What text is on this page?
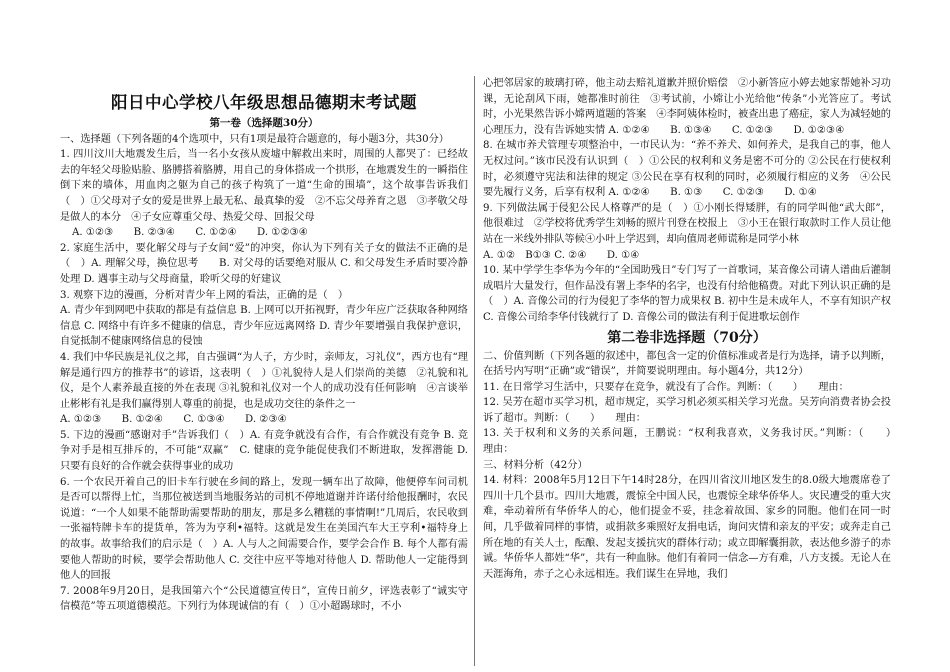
阳日中心学校八年级思想品德期末考试题
第一卷（选择题30分）

一、选择题（下列各题的4个选项中，只有1项是最符合题意的，每小题3分，共30分）

1. 四川汶川大地震发生后，当一名小女孩从废墟中解救出来时，周围的人都哭了：已经故去的年轻父母脸贴脸、胳膊搭着胳膊，用自己的身体搭成一个拱形，在地震发生的一瞬指住倒下来的墙体，用血肉之躯为自己的孩子构筑了一道“生命的围墙”，这个故事告诉我们（　）①父母对子女的爱是世界上最无私、最真挚的爱　②不忘父母养育之恩　③孝敬父母是做人的本分　④子女应尊重父母、热爱父母、回报父母

A. ①②③　　B. ②③④　　C. ①②④　　D. ①②③④

2. 家庭生活中，要化解父母与子女间“爱”的冲突，你认为下列有关子女的做法不正确的是（　）A. 理解父母，换位思考　　B. 对父母的话要绝对服从 C. 和父母发生矛盾时要冷静处理 D. 遇事主动与父母商量，聆听父母的好建议

3. 观察下边的漫画，分析对青少年上网的看法，正确的是（　）

A. 青少年到网吧中获取的都是有益信息 B. 上网可以开拓视野，青少年应广泛获取各种网络信息 C. 网络中有许多不健康的信息，青少年应远离网络 D. 青少年要增强自我保护意识，自觉抵制不健康网络信息的侵蚀

4. 我们中华民族是礼仪之邦，自古强调“为人子，方少时，亲师友，习礼仪”，西方也有“理解是通行四方的推荐书”的谚语，这表明（　）①礼貌待人是人们崇尚的美德　②礼貌和礼仪，是个人素养最直接的外在表现 ③礼貌和礼仪对一个人的成功没有任何影响　④言谈举止彬彬有礼是我们赢得别人尊重的前提，也是成功交往的条件之一

A. ①②③　　B. ①②④　　C. ①③④　　D. ②③④

5. 下边的漫画“感谢对手”告诉我们（　）A. 有竞争就没有合作，有合作就没有竞争 B. 竞争对手是相互排斥的，不可能“双赢”　C. 健康的竞争能促使我们不断进取，发挥潜能 D. 只要有良好的合作就会获得事业的成功

6. 一个农民开着自己的旧卡车行驶在乡间的路上，发现一辆车出了故障，他便停车问司机是否可以帮得上忙，当那位被送到当地服务站的司机不停地道谢并许诺付给他报酬时，农民说道：“一个人如果不能帮助需要帮助的朋友，那是多么糟糕的事情啊!”几周后，农民收到一张福特牌卡车的提货单，答为为亨利•福特。这就是发生在美国汽车大王亨利•福特身上的故事。故事给我们的启示是（　）A. 人与人之间需要合作，要学会合作 B. 每个人都有需要他人帮助的时候，要学会帮助他人 C. 交往中应平等地对待他人 D. 帮助他人一定能得到他人的回报

7. 2008年9月20日，是我国第六个“公民道德宣传日”，宣传日前夕，评选表彰了“诚实守信模范”等五项道德模范。下列行为体现诚信的有（　）①小超踢球时，不小

心把邻居家的玻璃打碎，他主动去赔礼道歉并照价赔偿　②小新答应小婷去她家帮她补习功课，无论刮风下雨，她都准时前往　③考试前，小嫦让小光给他“传条”小光答应了。考试时，小光果然告诉小嫦两道题的答案　④李阿姨体检时，被查出患了癌症，家人为减轻她的心理压力，没有告诉她实情 A. ①②④　　B. ①③④　　C. ①②③　　D. ①②③④

8. 在城市养犬管理专项整治中，一市民认为：“养不养犬、如何养犬，是我自己的事，他人无权过问。”该市民没有认识到（　）①公民的权利和义务是密不可分的 ②公民在行使权利时，必须遵守宪法和法律的规定 ③公民在享有权利的同时，必须履行相应的义务　④公民要先履行义务，后享有权利 A. ①②④　　B. ①③　　C. ①②③　　D. ①④

9. 下列做法属于侵犯公民人格尊严的是（　）①小刚长得矮胖，有的同学叫他“武大郎”，他很难过　②学校将优秀学生刘畅的照片刊登在校报上　③小王在银行取款时工作人员让他站在一米线外排队等候④小叶上学迟到，却向值周老师谎称是同学小林

A. ①②　B①③ C. ②④　　D. ①④

10. 某中学学生李华为今年的“全国助残日”专门写了一首歌词，某音像公司请人谱曲后灌制成唱片大量发行，但作品没有署上李华的名字，也没有付给他稿费。对此下列认识正确的是（　）A. 音像公司的行为侵犯了李华的智力成果权 B. 初中生是未成年人，不享有知识产权 C. 音像公司给李华付钱就行了 D. 音像公司的做法有利于促进歌坛创作

第二卷非选择题（70分）

二、价值判断（下列各题的叙述中，都包含一定的价值标准或者是行为选择，请予以判断，在括号内写明“正确”或“错误”，并简要说明理由。每小题4分，共12分）

11. 在日常学习生活中，只要存在竞争，就没有了合作。判断：（　　）　　理由：

12. 吴芳在超市买学习机，超市规定，买学习机必须买相关学习光盘。吴芳向消费者协会投诉了超市。判断：（　　）　　理由：

13. 关于权利和义务的关系问题，王鹏说：“权利我喜欢，义务我讨厌。”判断：（　　）　　理由：

三、材料分析（42分）

14. 材料：2008年5月12日下午14时28分，在四川省汶川地区发生的8.0级大地震席卷了四川十几个县市。四川大地震，震惊全中国人民，也震惊全球华侨华人。灾民遭受的重大灾难，牵动着所有华侨华人的心，他们提金不妥，挂念着故国、家乡的同胞。他们在同一时间，几乎做着同样的事情，或捐款多乘照好友捐电话，询问灾情和亲友的平安；或奔走自己所在地的有关人士，酝酿、发起支援抗灾的群体行动；或立即解囊捐款，表达他乡游子的赤诚。华侨华人都姓“华”，共有一种血脉。他们有着同一信念—方有难，八方支援。无论人在天涯海角，赤子之心永远相连。我们谋生在异地，我们
